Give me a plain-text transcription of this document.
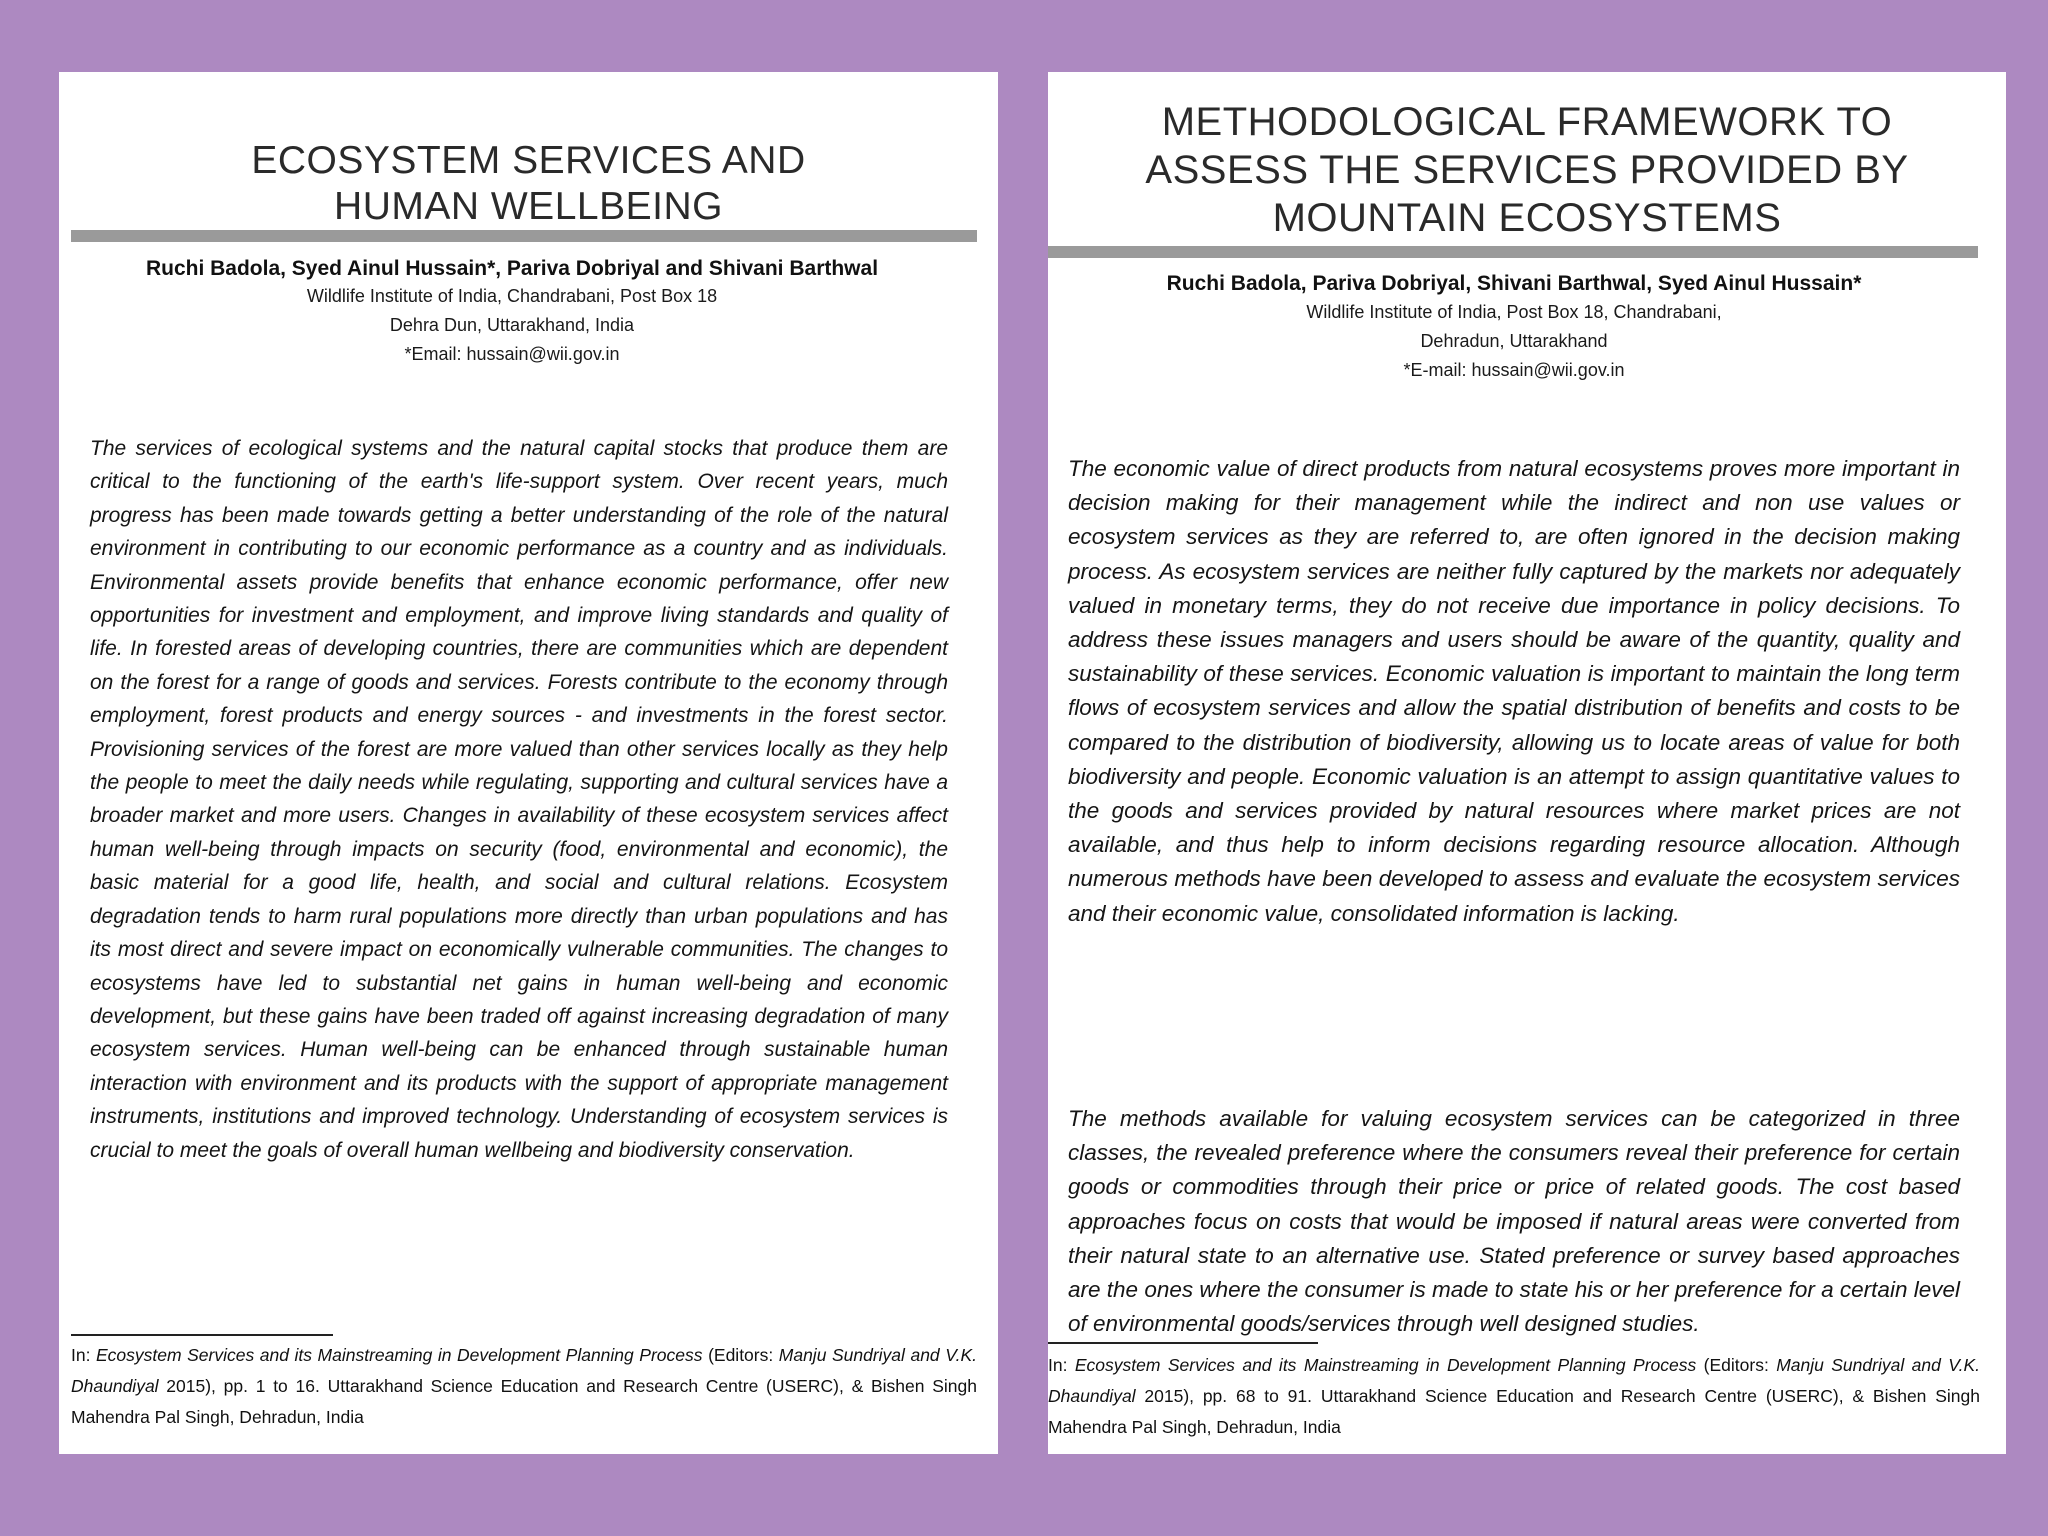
ECOSYSTEM SERVICES AND
HUMAN WELLBEING
Ruchi Badola, Syed Ainul Hussain*, Pariva Dobriyal and Shivani Barthwal
Wildlife Institute of India, Chandrabani, Post Box 18
Dehra Dun, Uttarakhand, India
*Email: hussain@wii.gov.in

The services of ecological systems and the natural capital stocks that produce them are critical to the functioning of the earth's life-support system. Over recent years, much progress has been made towards getting a better understanding of the role of the natural environment in contributing to our economic performance as a country and as individuals. Environmental assets provide benefits that enhance economic performance, offer new opportunities for investment and employment, and improve living standards and quality of life. In forested areas of developing countries, there are communities which are dependent on the forest for a range of goods and services. Forests contribute to the economy through employment, forest products and energy sources - and investments in the forest sector. Provisioning services of the forest are more valued than other services locally as they help the people to meet the daily needs while regulating, supporting and cultural services have a broader market and more users. Changes in availability of these ecosystem services affect human well-being through impacts on security (food, environmental and economic), the basic material for a good life, health, and social and cultural relations. Ecosystem degradation tends to harm rural populations more directly than urban populations and has its most direct and severe impact on economically vulnerable communities. The changes to ecosystems have led to substantial net gains in human well-being and economic development, but these gains have been traded off against increasing degradation of many ecosystem services. Human well-being can be enhanced through sustainable human interaction with environment and its products with the support of appropriate management instruments, institutions and improved technology. Understanding of ecosystem services is crucial to meet the goals of overall human wellbeing and biodiversity conservation.

In: Ecosystem Services and its Mainstreaming in Development Planning Process (Editors: Manju Sundriyal and V.K. Dhaundiyal 2015), pp. 1 to 16. Uttarakhand Science Education and Research Centre (USERC), & Bishen Singh Mahendra Pal Singh, Dehradun, India
METHODOLOGICAL FRAMEWORK TO
ASSESS THE SERVICES PROVIDED BY
MOUNTAIN ECOSYSTEMS
Ruchi Badola, Pariva Dobriyal, Shivani Barthwal, Syed Ainul Hussain*
Wildlife Institute of India, Post Box 18, Chandrabani,
Dehradun, Uttarakhand
*E-mail: hussain@wii.gov.in

The economic value of direct products from natural ecosystems proves more important in decision making for their management while the indirect and non use values or ecosystem services as they are referred to, are often ignored in the decision making process. As ecosystem services are neither fully captured by the markets nor adequately valued in monetary terms, they do not receive due importance in policy decisions. To address these issues managers and users should be aware of the quantity, quality and sustainability of these services. Economic valuation is important to maintain the long term flows of ecosystem services and allow the spatial distribution of benefits and costs to be compared to the distribution of biodiversity, allowing us to locate areas of value for both biodiversity and people. Economic valuation is an attempt to assign quantitative values to the goods and services provided by natural resources where market prices are not available, and thus help to inform decisions regarding resource allocation. Although numerous methods have been developed to assess and evaluate the ecosystem services and their economic value, consolidated information is lacking.

The methods available for valuing ecosystem services can be categorized in three classes, the revealed preference where the consumers reveal their preference for certain goods or commodities through their price or price of related goods. The cost based approaches focus on costs that would be imposed if natural areas were converted from their natural state to an alternative use. Stated preference or survey based approaches are the ones where the consumer is made to state his or her preference for a certain level of environmental goods/services through well designed studies.

In: Ecosystem Services and its Mainstreaming in Development Planning Process (Editors: Manju Sundriyal and V.K. Dhaundiyal 2015), pp. 68 to 91. Uttarakhand Science Education and Research Centre (USERC), & Bishen Singh Mahendra Pal Singh, Dehradun, India
